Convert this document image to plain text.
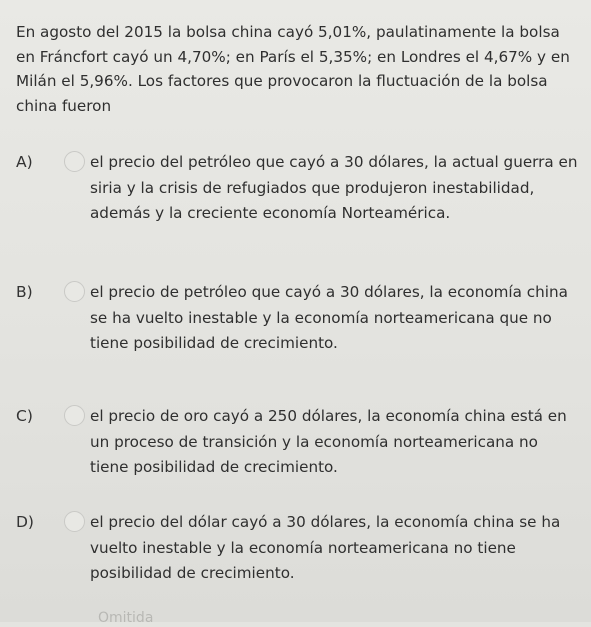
En agosto del 2015 la bolsa china cayó 5,01%, paulatinamente la bolsa en Fráncfort cayó un 4,70%; en París el 5,35%; en Londres el 4,67% y en Milán el 5,96%. Los factores que provocaron la fluctuación de la bolsa china fueron
A)	el precio del petróleo que cayó a 30 dólares, la actual guerra en siria y la crisis de refugiados que produjeron inestabilidad, además y la creciente economía Norteamérica.
B)	el precio de petróleo que cayó a 30 dólares, la economía china se ha vuelto inestable y la economía norteamericana que no tiene posibilidad de crecimiento.
C)	el precio de oro cayó a 250 dólares, la economía china está en un proceso de transición y la economía norteamericana no tiene posibilidad de crecimiento.
D)	el precio del dólar cayó a 30 dólares, la economía china se ha vuelto inestable y la economía norteamericana no tiene posibilidad de crecimiento.
Omitida
